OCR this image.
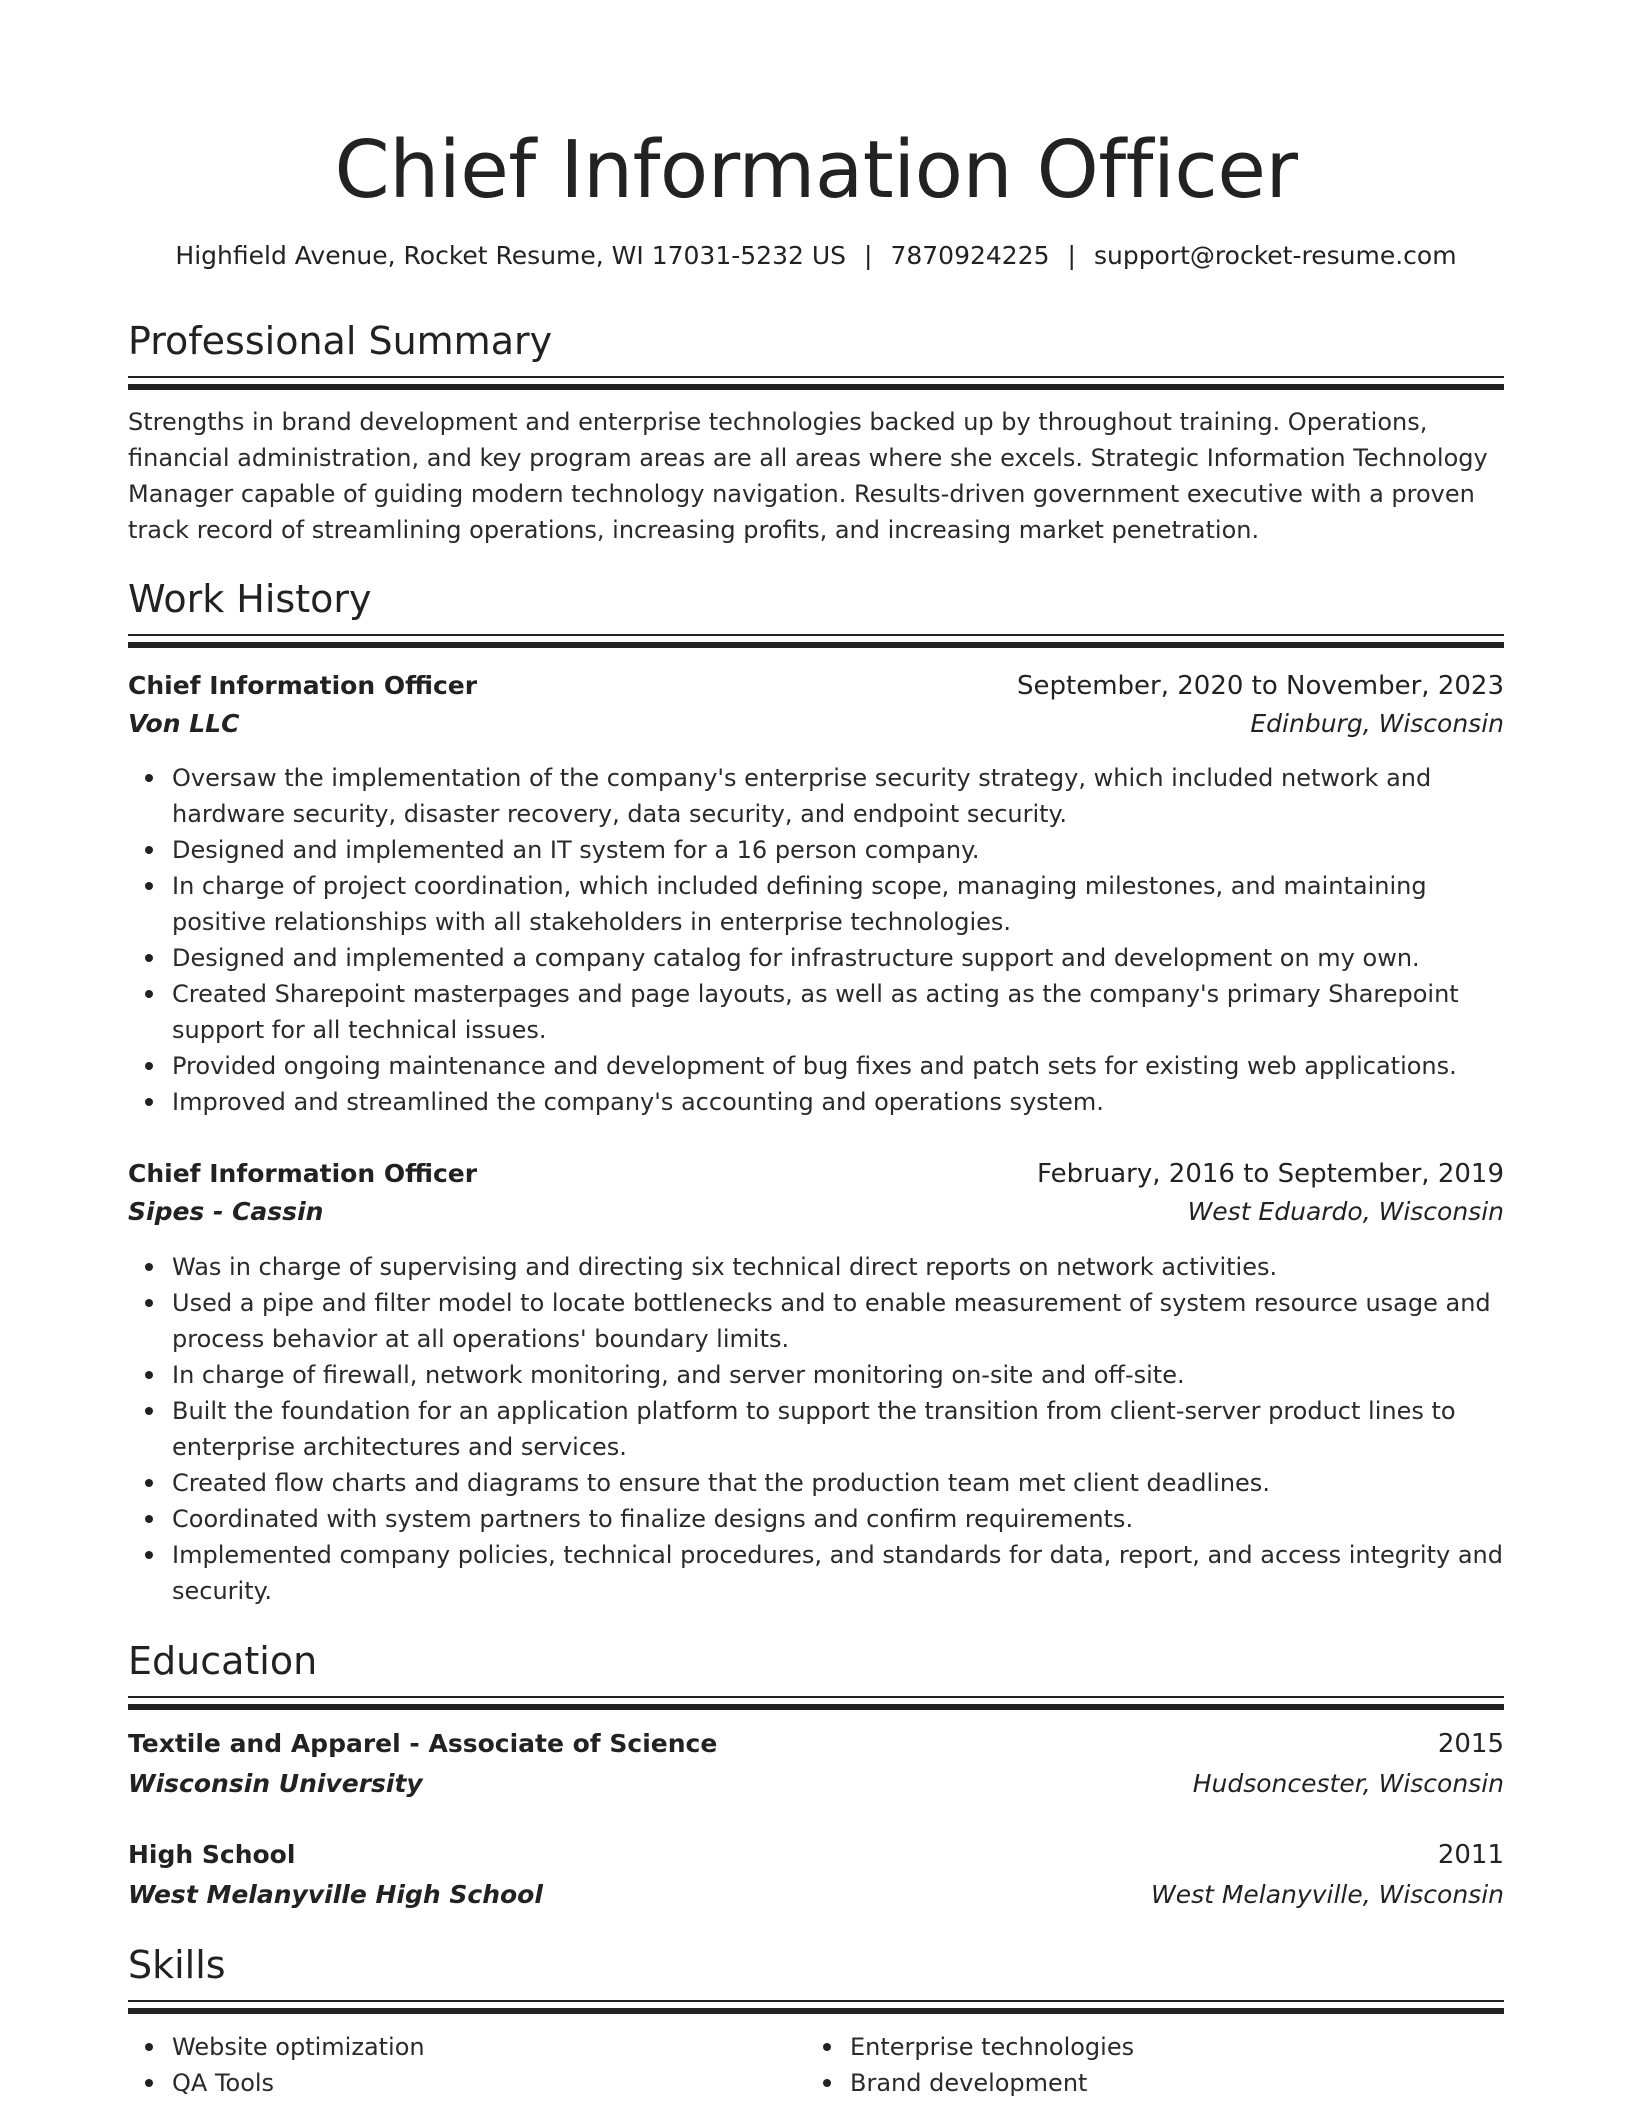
Chief Information Officer
Highfield Avenue, Rocket Resume, WI 17031-5232 US | 7870924225 | support@rocket-resume.com
Professional Summary

Strengths in brand development and enterprise technologies backed up by throughout training. Operations, financial administration, and key program areas are all areas where she excels. Strategic Information Technology Manager capable of guiding modern technology navigation. Results-driven government executive with a proven track record of streamlining operations, increasing profits, and increasing market penetration.

Work History
Chief Information Officer	September, 2020 to November, 2023
Von LLC	Edinburg, Wisconsin
Oversaw the implementation of the company's enterprise security strategy, which included network and hardware security, disaster recovery, data security, and endpoint security.
Designed and implemented an IT system for a 16 person company.
In charge of project coordination, which included defining scope, managing milestones, and maintaining positive relationships with all stakeholders in enterprise technologies.
Designed and implemented a company catalog for infrastructure support and development on my own.
Created Sharepoint masterpages and page layouts, as well as acting as the company's primary Sharepoint support for all technical issues.
Provided ongoing maintenance and development of bug fixes and patch sets for existing web applications.
Improved and streamlined the company's accounting and operations system.
Chief Information Officer	February, 2016 to September, 2019
Sipes - Cassin	West Eduardo, Wisconsin
Was in charge of supervising and directing six technical direct reports on network activities.
Used a pipe and filter model to locate bottlenecks and to enable measurement of system resource usage and process behavior at all operations' boundary limits.
In charge of firewall, network monitoring, and server monitoring on-site and off-site.
Built the foundation for an application platform to support the transition from client-server product lines to enterprise architectures and services.
Created flow charts and diagrams to ensure that the production team met client deadlines.
Coordinated with system partners to finalize designs and confirm requirements.
Implemented company policies, technical procedures, and standards for data, report, and access integrity and security.
Education
Textile and Apparel - Associate of Science	2015
Wisconsin University	Hudsoncester, Wisconsin
High School	2011
West Melanyville High School	West Melanyville, Wisconsin
Skills
Website optimization
QA Tools
Enterprise technologies
Brand development
